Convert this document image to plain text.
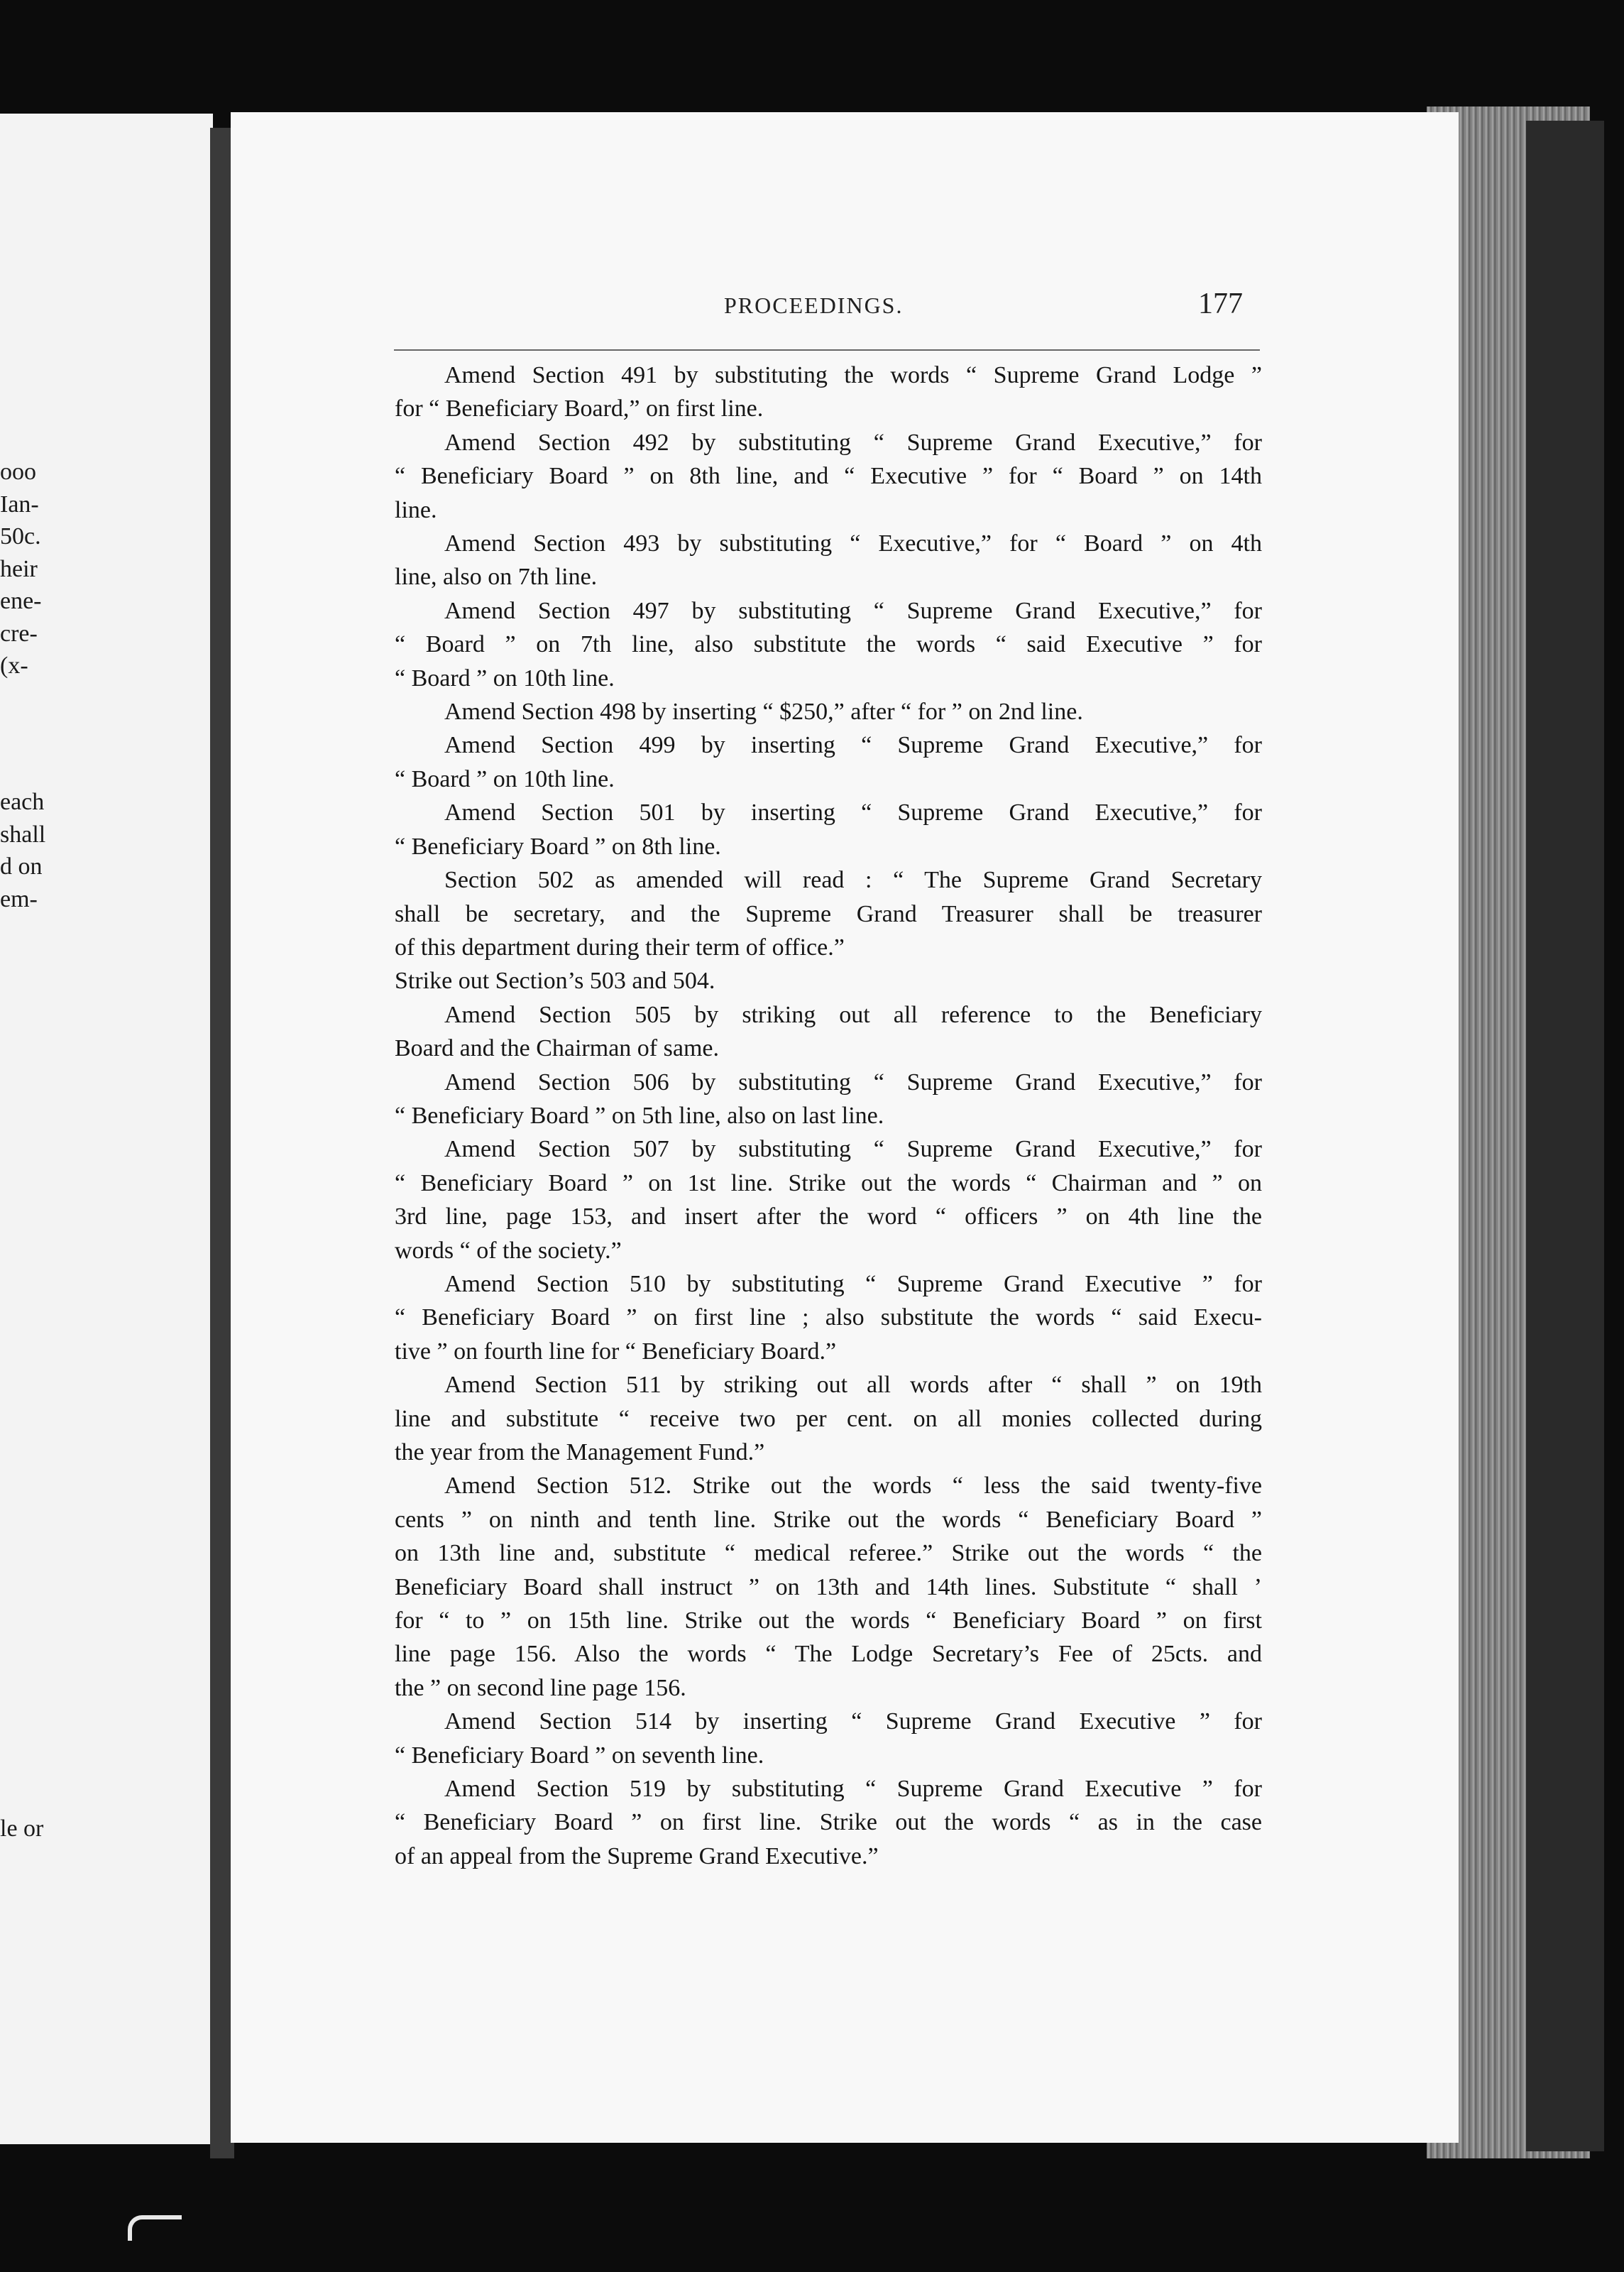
ooo
Ian-
50c.
heir
ene-
cre-
(x-
each
shall
d on
em-
le or
PROCEEDINGS.	177
Amend Section 491 by substituting the words “ Supreme Grand Lodge ”
for “ Beneficiary Board,” on first line.
Amend Section 492 by substituting “ Supreme Grand Executive,” for
“ Beneficiary Board ” on 8th line, and “ Executive ” for “ Board ” on 14th
line.
Amend Section 493 by substituting “ Executive,” for “ Board ” on 4th
line, also on 7th line.
Amend Section 497 by substituting “ Supreme Grand Executive,” for
“ Board ” on 7th line, also substitute the words “ said Executive ” for
“ Board ” on 10th line.
Amend Section 498 by inserting “ $250,” after “ for ” on 2nd line.
Amend Section 499 by inserting “ Supreme Grand Executive,” for
“ Board ” on 10th line.
Amend Section 501 by inserting “ Supreme Grand Executive,” for
“ Beneficiary Board ” on 8th line.
Section 502 as amended will read : “ The Supreme Grand Secretary
shall be secretary, and the Supreme Grand Treasurer shall be treasurer
of this department during their term of office.”
Strike out Section’s 503 and 504.
Amend Section 505 by striking out all reference to the Beneficiary
Board and the Chairman of same.
Amend Section 506 by substituting “ Supreme Grand Executive,” for
“ Beneficiary Board ” on 5th line, also on last line.
Amend Section 507 by substituting “ Supreme Grand Executive,” for
“ Beneficiary Board ” on 1st line. Strike out the words “ Chairman and ” on
3rd line, page 153, and insert after the word “ officers ” on 4th line the
words “ of the society.”
Amend Section 510 by substituting “ Supreme Grand Executive ” for
“ Beneficiary Board ” on first line ; also substitute the words “ said Execu-
tive ” on fourth line for “ Beneficiary Board.”
Amend Section 511 by striking out all words after “ shall ” on 19th
line and substitute “ receive two per cent. on all monies collected during
the year from the Management Fund.”
Amend Section 512. Strike out the words “ less the said twenty-five
cents ” on ninth and tenth line. Strike out the words “ Beneficiary Board ”
on 13th line and, substitute “ medical referee.” Strike out the words “ the
Beneficiary Board shall instruct ” on 13th and 14th lines. Substitute “ shall ’
for “ to ” on 15th line. Strike out the words “ Beneficiary Board ” on first
line page 156. Also the words “ The Lodge Secretary’s Fee of 25cts. and
the ” on second line page 156.
Amend Section 514 by inserting “ Supreme Grand Executive ” for
“ Beneficiary Board ” on seventh line.
Amend Section 519 by substituting “ Supreme Grand Executive ” for
“ Beneficiary Board ” on first line. Strike out the words “ as in the case
of an appeal from the Supreme Grand Executive.”
